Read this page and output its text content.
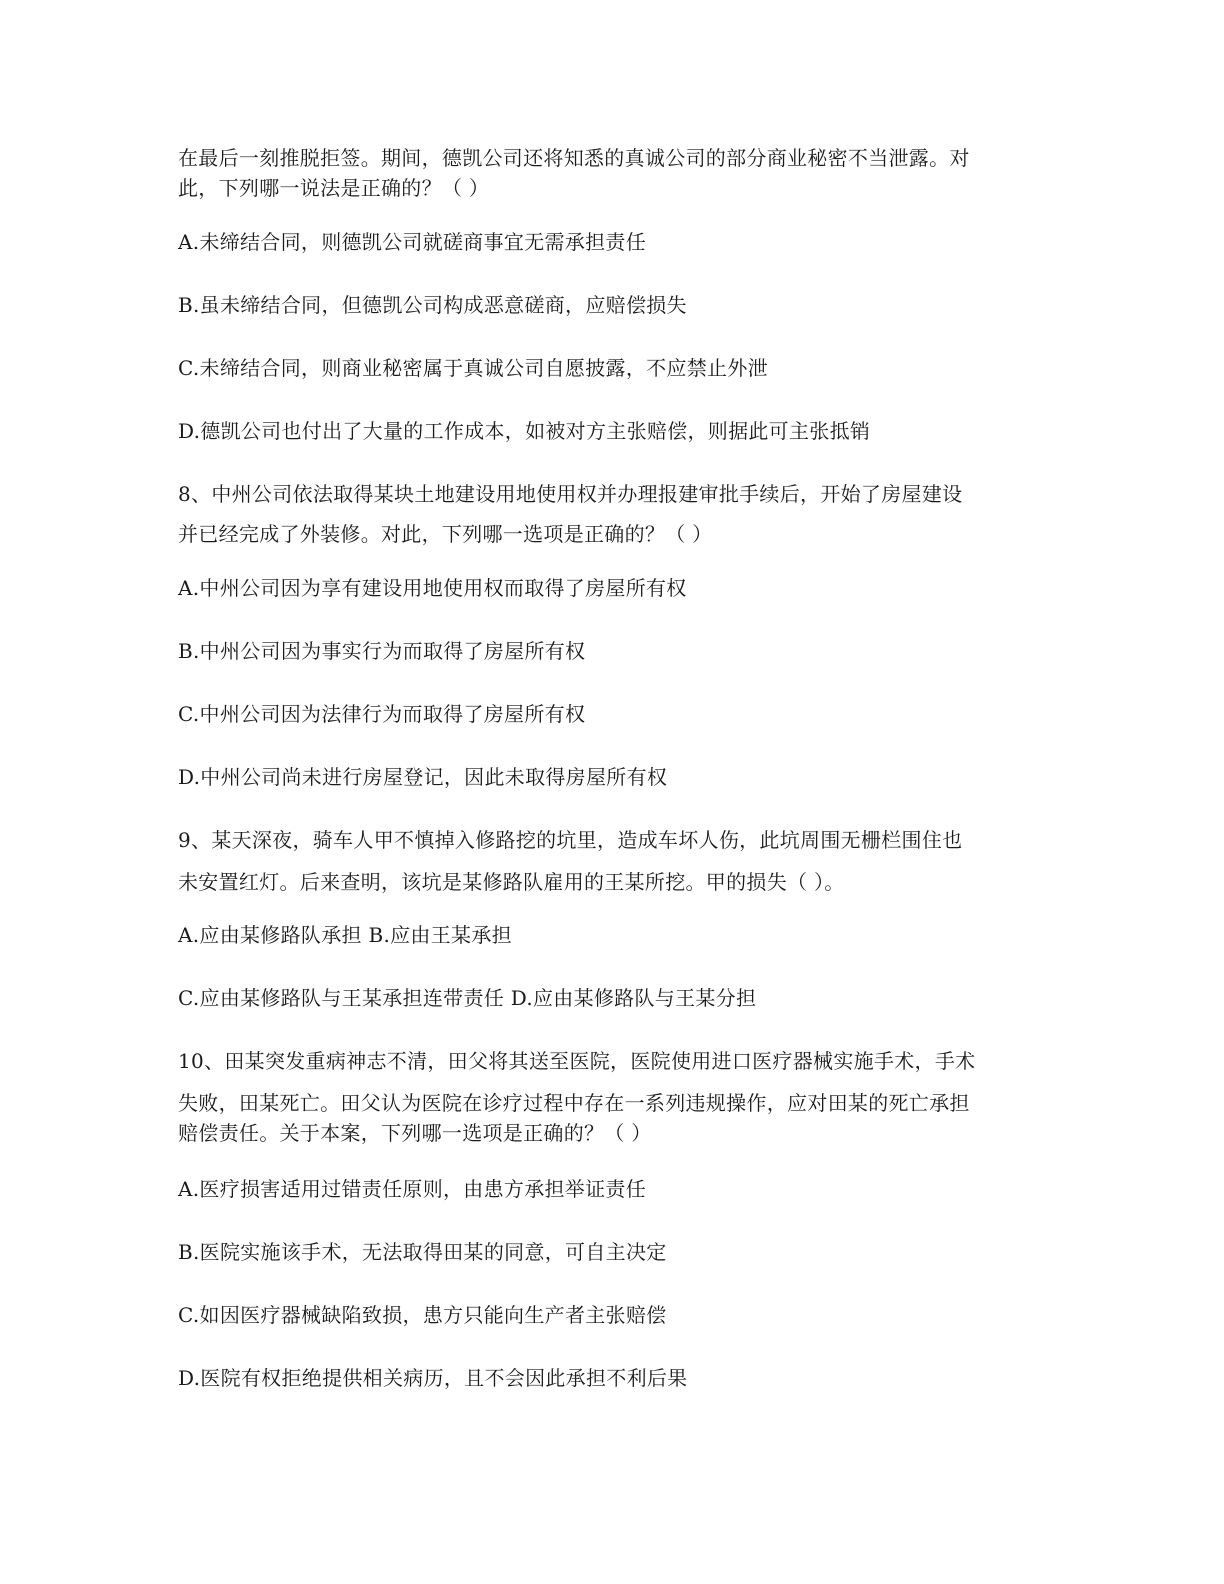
在最后一刻推脱拒签。期间，德凯公司还将知悉的真诚公司的部分商业秘密不当泄露。对
此，下列哪一说法是正确的？（ ）
A.未缔结合同，则德凯公司就磋商事宜无需承担责任
B.虽未缔结合同，但德凯公司构成恶意磋商，应赔偿损失
C.未缔结合同，则商业秘密属于真诚公司自愿披露，不应禁止外泄
D.德凯公司也付出了大量的工作成本，如被对方主张赔偿，则据此可主张抵销
8、中州公司依法取得某块土地建设用地使用权并办理报建审批手续后，开始了房屋建设
并已经完成了外装修。对此，下列哪一选项是正确的？（ ）
A.中州公司因为享有建设用地使用权而取得了房屋所有权
B.中州公司因为事实行为而取得了房屋所有权
C.中州公司因为法律行为而取得了房屋所有权
D.中州公司尚未进行房屋登记，因此未取得房屋所有权
9、某天深夜，骑车人甲不慎掉入修路挖的坑里，造成车坏人伤，此坑周围无栅栏围住也
未安置红灯。后来查明，该坑是某修路队雇用的王某所挖。甲的损失（ ）。
A.应由某修路队承担 B.应由王某承担
C.应由某修路队与王某承担连带责任 D.应由某修路队与王某分担
10、田某突发重病神志不清，田父将其送至医院，医院使用进口医疗器械实施手术，手术
失败，田某死亡。田父认为医院在诊疗过程中存在一系列违规操作，应对田某的死亡承担
赔偿责任。关于本案，下列哪一选项是正确的？（ ）
A.医疗损害适用过错责任原则，由患方承担举证责任
B.医院实施该手术，无法取得田某的同意，可自主决定
C.如因医疗器械缺陷致损，患方只能向生产者主张赔偿
D.医院有权拒绝提供相关病历，且不会因此承担不利后果
